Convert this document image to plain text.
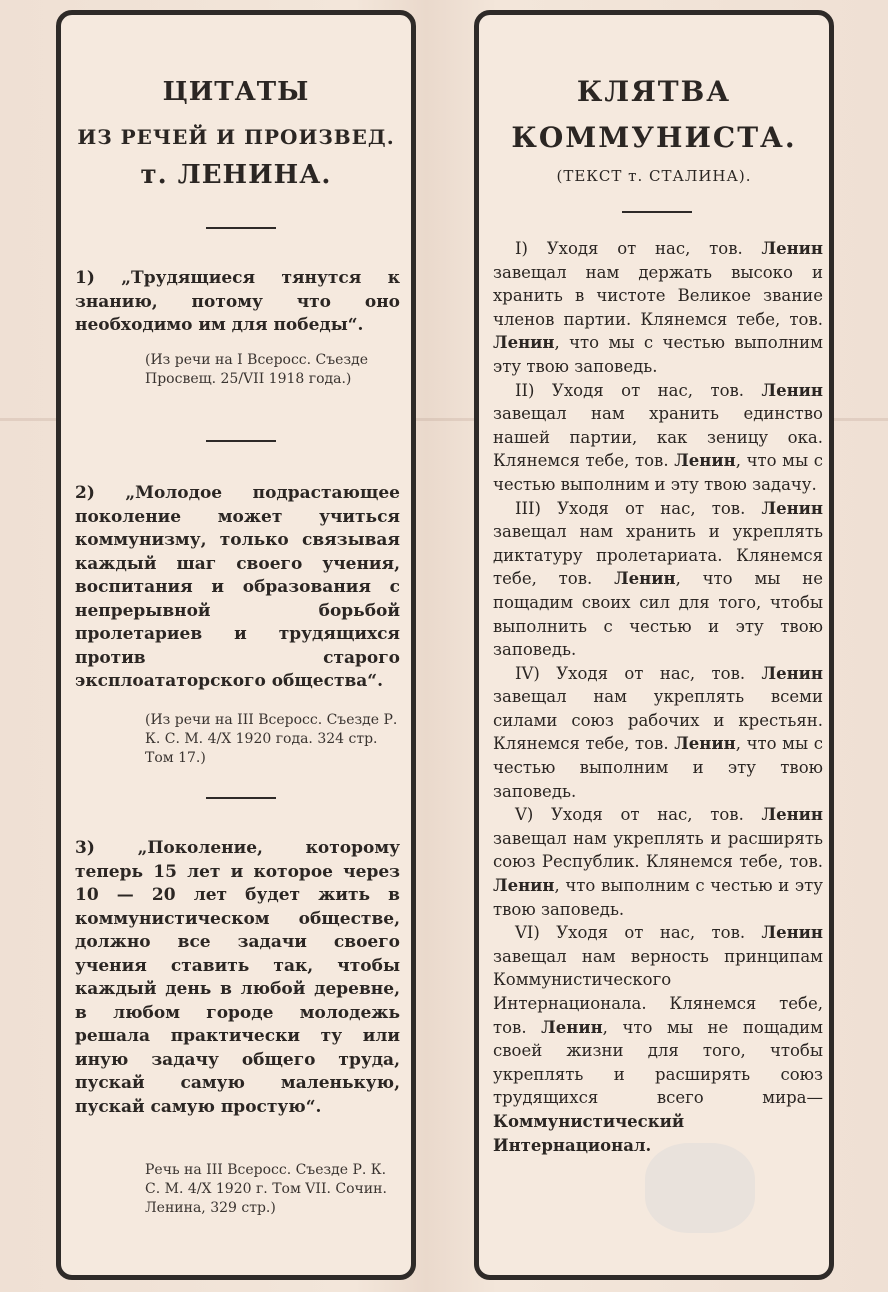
ЦИТАТЫ
ИЗ РЕЧЕЙ И ПРОИЗВЕД.
т. ЛЕНИНА.

1) „Трудящиеся тянутся к знанию, потому что оно необходимо им для победы“.

(Из речи на I Всеросс. Съезде Просвещ. 25/VII 1918 года.)

2) „Молодое подрастающее поколение может учиться коммунизму, только связывая каждый шаг своего учения, воспитания и образования с непрерывной борьбой пролетариев и трудящихся против старого эксплоататорского общества“.

(Из речи на III Всеросс. Съезде Р. К. С. М. 4/X 1920 года. 324 стр. Том 17.)

3) „Поколение, которому теперь 15 лет и которое через 10 — 20 лет будет жить в коммунистическом обществе, должно все задачи своего учения ставить так, чтобы каждый день в любой деревне, в любом городе молодежь решала практически ту или иную задачу общего труда, пускай самую маленькую, пускай самую простую“.

Речь на III Всеросс. Съезде Р. К. С. М. 4/X 1920 г. Том VII. Сочин. Ленина, 329 стр.)

КЛЯТВА
КОММУНИСТА.
(ТЕКСТ т. СТАЛИНА).

I) Уходя от нас, тов. Ленин завещал нам держать высоко и хранить в чистоте Великое звание членов партии. Клянемся тебе, тов. Ленин, что мы с честью выполним эту твою заповедь.

II) Уходя от нас, тов. Ленин завещал нам хранить единство нашей партии, как зеницу ока. Клянемся тебе, тов. Ленин, что мы с честью выполним и эту твою задачу.

III) Уходя от нас, тов. Ленин завещал нам хранить и укреплять диктатуру пролетариата. Клянемся тебе, тов. Ленин, что мы не пощадим своих сил для того, чтобы выполнить с честью и эту твою заповедь.

IV) Уходя от нас, тов. Ленин завещал нам укреплять всеми силами союз рабочих и крестьян. Клянемся тебе, тов. Ленин, что мы с честью выполним и эту твою заповедь.

V) Уходя от нас, тов. Ленин завещал нам укреплять и расширять союз Республик. Клянемся тебе, тов. Ленин, что выполним с честью и эту твою заповедь.

VI) Уходя от нас, тов. Ленин завещал нам верность принципам Коммунистического Интернационала. Клянемся тебе, тов. Ленин, что мы не пощадим своей жизни для того, чтобы укреплять и расширять союз трудящихся всего мира—Коммунистический Интернационал.
